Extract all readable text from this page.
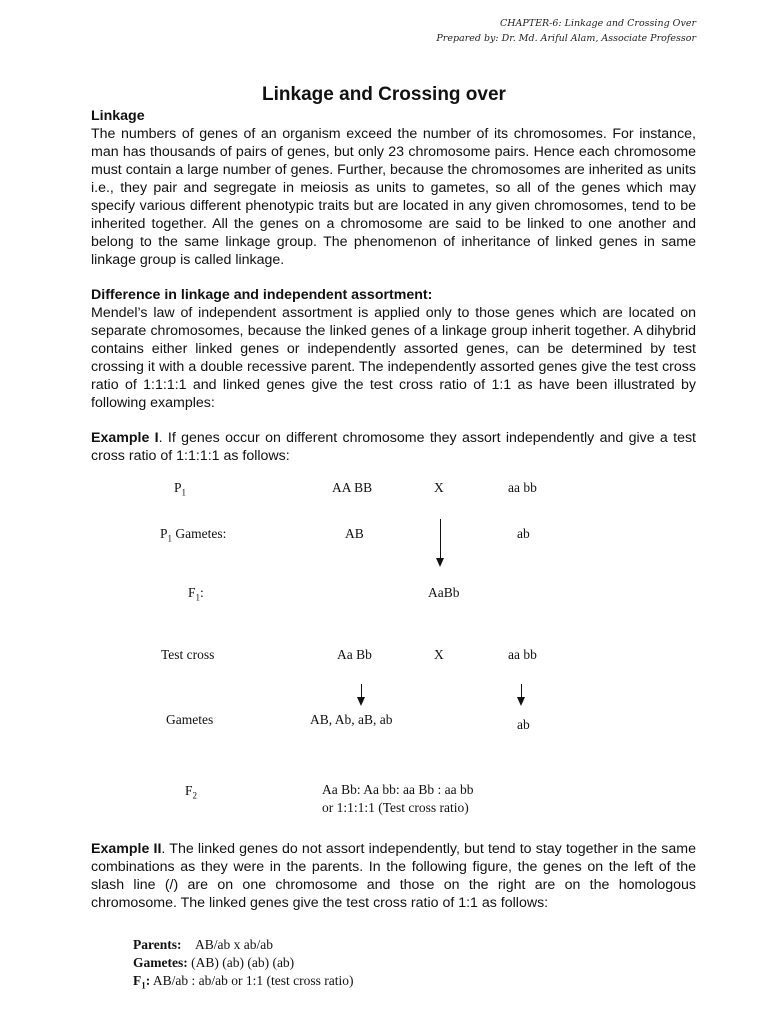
CHAPTER-6: Linkage and Crossing Over
Prepared by: Dr. Md. Ariful Alam, Associate Professor
Linkage and Crossing over
Linkage
The numbers of genes of an organism exceed the number of its chromosomes. For instance, man has thousands of pairs of genes, but only 23 chromosome pairs. Hence each chromosome must contain a large number of genes. Further, because the chromosomes are inherited as units i.e., they pair and segregate in meiosis as units to gametes, so all of the genes which may specify various different phenotypic traits but are located in any given chromosomes, tend to be inherited together. All the genes on a chromosome are said to be linked to one another and belong to the same linkage group. The phenomenon of inheritance of linked genes in same linkage group is called linkage.
Difference in linkage and independent assortment:
Mendel’s law of independent assortment is applied only to those genes which are located on separate chromosomes, because the linked genes of a linkage group inherit together. A dihybrid contains either linked genes or independently assorted genes, can be determined by test crossing it with a double recessive parent. The independently assorted genes give the test cross ratio of 1:1:1:1 and linked genes give the test cross ratio of 1:1 as have been illustrated by following examples:
Example I. If genes occur on different chromosome they assort independently and give a test cross ratio of 1:1:1:1 as follows:
$P_1$	AA BB	X	aa bb
$P_1$ Gametes:	AB	ab
$F_1$:	AaBb
Test cross	Aa Bb	X	aa bb
Gametes	AB, Ab, aB, ab	ab
$F_2$	Aa Bb: Aa bb: aa Bb : aa bb
or 1:1:1:1 (Test cross ratio)
Example II. The linked genes do not assort independently, but tend to stay together in the same combinations as they were in the parents. In the following figure, the genes on the left of the slash line (/) are on one chromosome and those on the right are on the homologous chromosome. The linked genes give the test cross ratio of 1:1 as follows:
Parents: AB/ab x ab/ab
Gametes: (AB) (ab) (ab) (ab)
$F_1$: AB/ab : ab/ab or 1:1 (test cross ratio)
